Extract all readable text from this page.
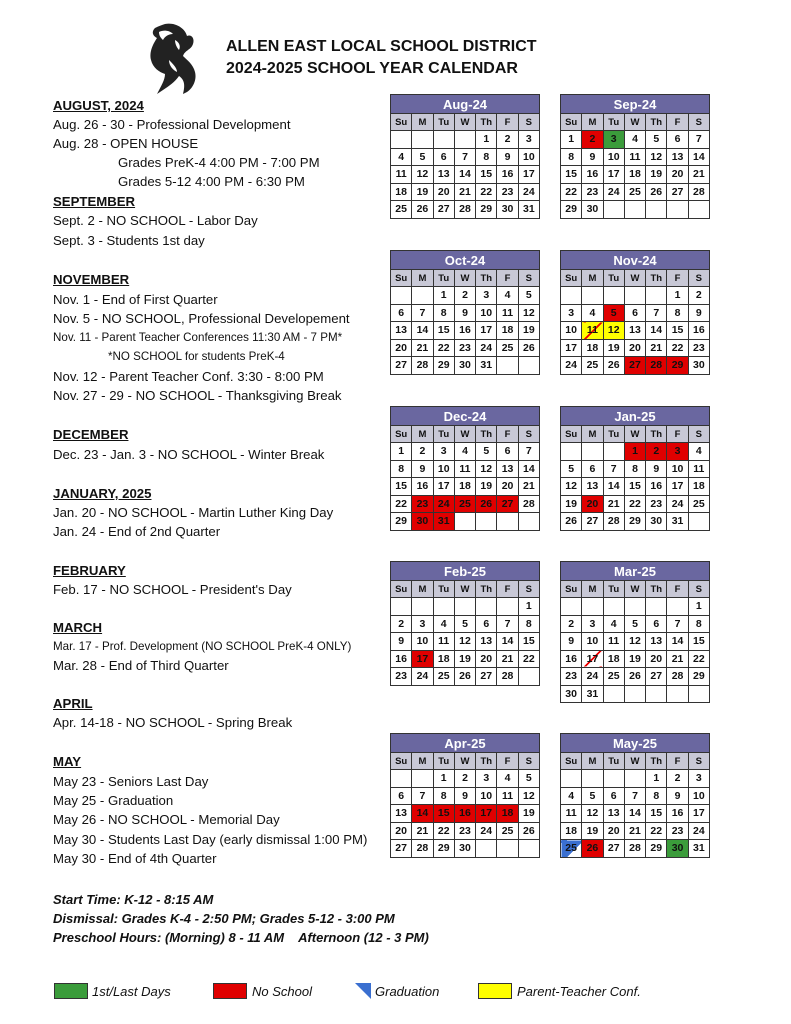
ALLEN EAST LOCAL SCHOOL DISTRICT
2024-2025 SCHOOL YEAR CALENDAR
AUGUST, 2024
Aug. 26 - 30 - Professional Development
Aug. 28 - OPEN HOUSE
Grades PreK-4 4:00 PM - 7:00 PM
Grades 5-12 4:00 PM - 6:30 PM
SEPTEMBER
Sept. 2 - NO SCHOOL - Labor Day
Sept. 3 - Students 1st day
NOVEMBER
Nov. 1 - End of First Quarter
Nov. 5 - NO SCHOOL, Professional Developement
Nov. 11 - Parent Teacher Conferences 11:30 AM - 7 PM*
*NO SCHOOL for students PreK-4
Nov. 12 - Parent Teacher Conf. 3:30 - 8:00 PM
Nov. 27 - 29 - NO SCHOOL - Thanksgiving Break
DECEMBER
Dec. 23 - Jan. 3 - NO SCHOOL - Winter Break
JANUARY, 2025
Jan. 20 - NO SCHOOL - Martin Luther King Day
Jan. 24 - End of 2nd Quarter
FEBRUARY
Feb. 17 - NO SCHOOL - President's Day
MARCH
Mar. 17 - Prof. Development (NO SCHOOL PreK-4 ONLY)
Mar. 28 - End of Third Quarter
APRIL
Apr. 14-18 - NO SCHOOL - Spring Break
MAY
May 23 - Seniors Last Day
May 25 - Graduation
May 26 - NO SCHOOL - Memorial Day
May 30 - Students Last Day (early dismissal 1:00 PM)
May 30 - End of 4th Quarter
Aug-24
Su	M	Tu	W	Th	F	S
				1	2	3
4	5	6	7	8	9	10
11	12	13	14	15	16	17
18	19	20	21	22	23	24
25	26	27	28	29	30	31
Sep-24
Su	M	Tu	W	Th	F	S
1	2	3	4	5	6	7
8	9	10	11	12	13	14
15	16	17	18	19	20	21
22	23	24	25	26	27	28
29	30					
Oct-24
Su	M	Tu	W	Th	F	S
		1	2	3	4	5
6	7	8	9	10	11	12
13	14	15	16	17	18	19
20	21	22	23	24	25	26
27	28	29	30	31		
Nov-24
Su	M	Tu	W	Th	F	S
					1	2
3	4	5	6	7	8	9
10	11	12	13	14	15	16
17	18	19	20	21	22	23
24	25	26	27	28	29	30
Dec-24
Su	M	Tu	W	Th	F	S
1	2	3	4	5	6	7
8	9	10	11	12	13	14
15	16	17	18	19	20	21
22	23	24	25	26	27	28
29	30	31				
Jan-25
Su	M	Tu	W	Th	F	S
			1	2	3	4
5	6	7	8	9	10	11
12	13	14	15	16	17	18
19	20	21	22	23	24	25
26	27	28	29	30	31	
Feb-25
Su	M	Tu	W	Th	F	S
						1
2	3	4	5	6	7	8
9	10	11	12	13	14	15
16	17	18	19	20	21	22
23	24	25	26	27	28	
Mar-25
Su	M	Tu	W	Th	F	S
						1
2	3	4	5	6	7	8
9	10	11	12	13	14	15
16	17	18	19	20	21	22
23	24	25	26	27	28	29
30	31					
Apr-25
Su	M	Tu	W	Th	F	S
		1	2	3	4	5
6	7	8	9	10	11	12
13	14	15	16	17	18	19
20	21	22	23	24	25	26
27	28	29	30			
May-25
Su	M	Tu	W	Th	F	S
				1	2	3
4	5	6	7	8	9	10
11	12	13	14	15	16	17
18	19	20	21	22	23	24
25	26	27	28	29	30	31
Start Time: K-12 - 8:15 AM
Dismissal: Grades K-4 - 2:50 PM; Grades 5-12 - 3:00 PM
Preschool Hours: (Morning) 8 - 11 AM    Afternoon (12 - 3 PM)
1st/Last Days	No School	Graduation	Parent-Teacher Conf.
